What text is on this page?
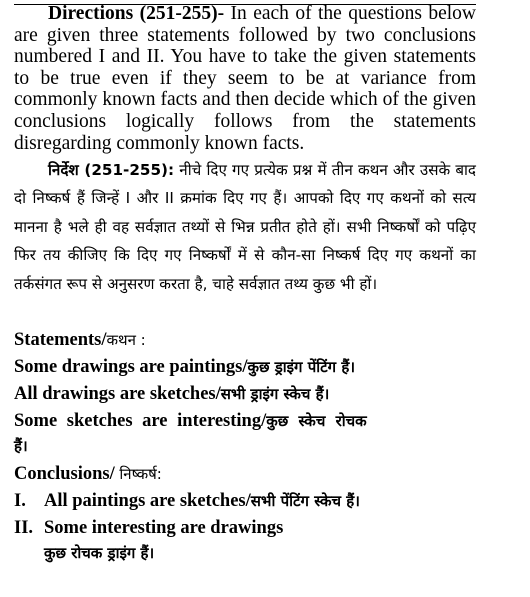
Directions (251-255)- In each of the questions below are given three statements followed by two conclusions numbered I and II. You have to take the given statements to be true even if they seem to be at variance from commonly known facts and then decide which of the given conclusions logically follows from the statements disregarding commonly known facts.
निर्देश (251-255): नीचे दिए गए प्रत्येक प्रश्न में तीन कथन और उसके बाद दो निष्कर्ष हैं जिन्हें I और II क्रमांक दिए गए हैं। आपको दिए गए कथनों को सत्य मानना है भले ही वह सर्वज्ञात तथ्यों से भिन्न प्रतीत होते हों। सभी निष्कर्षों को पढ़िए फिर तय कीजिए कि दिए गए निष्कर्षों में से कौन-सा निष्कर्ष दिए गए कथनों का तर्कसंगत रूप से अनुसरण करता है, चाहे सर्वज्ञात तथ्य कुछ भी हों।
Statements/कथन :
Some drawings are paintings/कुछ ड्राइंग पेंटिंग हैं।
All drawings are sketches/सभी ड्राइंग स्केच हैं।
Some sketches are interesting/कुछ स्केच रोचक
हैं।
Conclusions/ निष्कर्ष:
I. All paintings are sketches/सभी पेंटिंग स्केच हैं।
II. Some interesting are drawings
कुछ रोचक ड्राइंग हैं।
